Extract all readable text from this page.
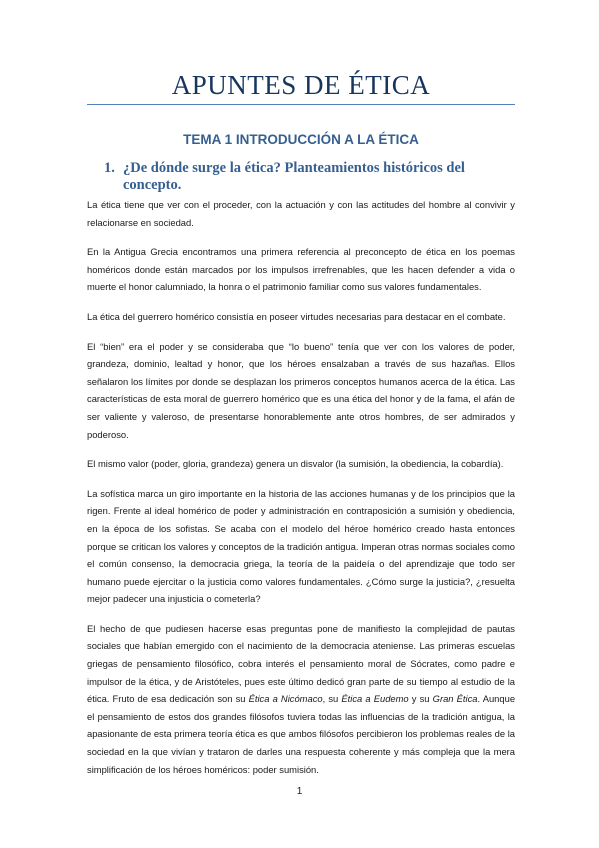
APUNTES DE ÉTICA
TEMA 1 INTRODUCCIÓN A LA ÉTICA
1. ¿De dónde surge la ética? Planteamientos históricos del concepto.

La ética tiene que ver con el proceder, con la actuación y con las actitudes del hombre al convivir y relacionarse en sociedad.

En la Antigua Grecia encontramos una primera referencia al preconcepto de ética en los poemas homéricos donde están marcados por los impulsos irrefrenables, que les hacen defender a vida o muerte el honor calumniado, la honra o el patrimonio familiar como sus valores fundamentales.

La ética del guerrero homérico consistía en poseer virtudes necesarias para destacar en el combate.

El “bien” era el poder y se consideraba que “lo bueno” tenía que ver con los valores de poder, grandeza, dominio, lealtad y honor, que los héroes ensalzaban a través de sus hazañas. Ellos señalaron los límites por donde se desplazan los primeros conceptos humanos acerca de la ética. Las características de esta moral de guerrero homérico que es una ética del honor y de la fama, el afán de ser valiente y valeroso, de presentarse honorablemente ante otros hombres, de ser admirados y poderoso.

El mismo valor (poder, gloria, grandeza) genera un disvalor (la sumisión, la obediencia, la cobardía).

La sofística marca un giro importante en la historia de las acciones humanas y de los principios que la rigen. Frente al ideal homérico de poder y administración en contraposición a sumisión y obediencia, en la época de los sofistas. Se acaba con el modelo del héroe homérico creado hasta entonces porque se critican los valores y conceptos de la tradición antigua. Imperan otras normas sociales como el común consenso, la democracia griega, la teoría de la paideía o del aprendizaje que todo ser humano puede ejercitar o la justicia como valores fundamentales. ¿Cómo surge la justicia?, ¿resuelta mejor padecer una injusticia o cometerla?

El hecho de que pudiesen hacerse esas preguntas pone de manifiesto la complejidad de pautas sociales que habían emergido con el nacimiento de la democracia ateniense. Las primeras escuelas griegas de pensamiento filosófico, cobra interés el pensamiento moral de Sócrates, como padre e impulsor de la ética, y de Aristóteles, pues este último dedicó gran parte de su tiempo al estudio de la ética. Fruto de esa dedicación son su Ética a Nicómaco, su Ética a Eudemo y su Gran Ética. Aunque el pensamiento de estos dos grandes filósofos tuviera todas las influencias de la tradición antigua, la apasionante de esta primera teoría ética es que ambos filósofos percibieron los problemas reales de la sociedad en la que vivían y trataron de darles una respuesta coherente y más compleja que la mera simplificación de los héroes homéricos: poder sumisión.

1
